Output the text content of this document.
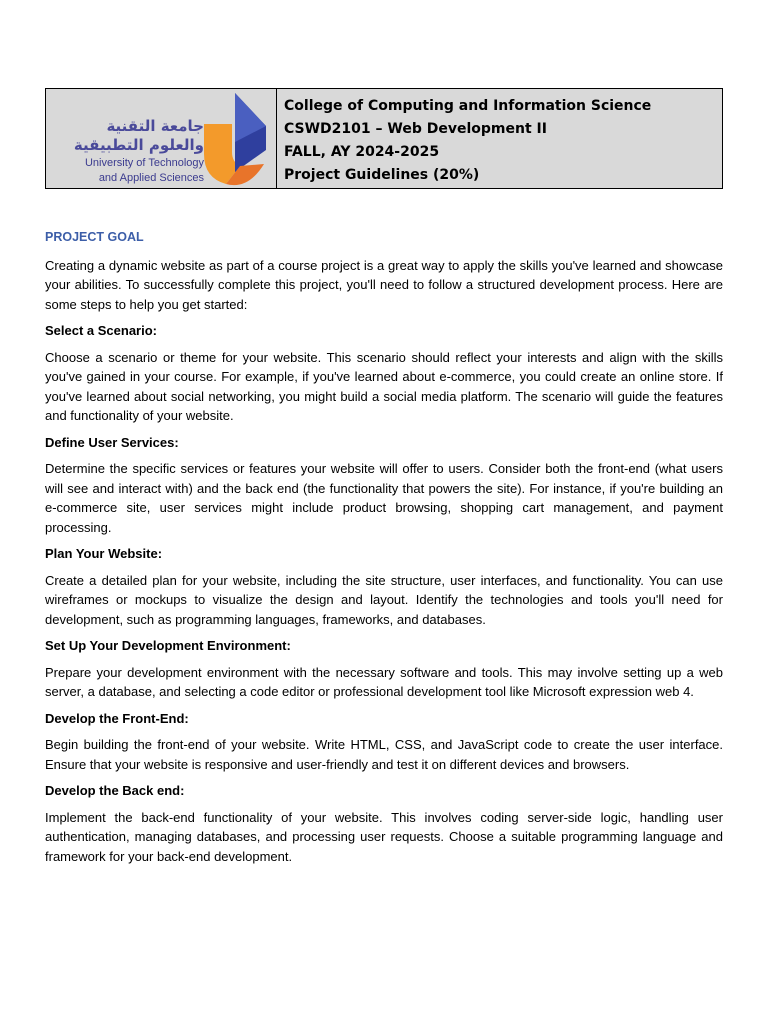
جامعة التقنية
والعلوم التطبيقية
University of Technology
and Applied Sciences
College of Computing and Information Science
CSWD2101 – Web Development II
FALL, AY 2024-2025
Project Guidelines (20%)
PROJECT GOAL

Creating a dynamic website as part of a course project is a great way to apply the skills you've learned and showcase your abilities. To successfully complete this project, you'll need to follow a structured development process. Here are some steps to help you get started:

Select a Scenario:

Choose a scenario or theme for your website. This scenario should reflect your interests and align with the skills you've gained in your course. For example, if you've learned about e-commerce, you could create an online store. If you've learned about social networking, you might build a social media platform. The scenario will guide the features and functionality of your website.

Define User Services:

Determine the specific services or features your website will offer to users. Consider both the front-end (what users will see and interact with) and the back end (the functionality that powers the site). For instance, if you're building an e-commerce site, user services might include product browsing, shopping cart management, and payment processing.

Plan Your Website:

Create a detailed plan for your website, including the site structure, user interfaces, and functionality. You can use wireframes or mockups to visualize the design and layout. Identify the technologies and tools you'll need for development, such as programming languages, frameworks, and databases.

Set Up Your Development Environment:

Prepare your development environment with the necessary software and tools. This may involve setting up a web server, a database, and selecting a code editor or professional development tool like Microsoft expression web 4.

Develop the Front-End:

Begin building the front-end of your website. Write HTML, CSS, and JavaScript code to create the user interface. Ensure that your website is responsive and user-friendly and test it on different devices and browsers.

Develop the Back end:

Implement the back-end functionality of your website. This involves coding server-side logic, handling user authentication, managing databases, and processing user requests. Choose a suitable programming language and framework for your back-end development.
